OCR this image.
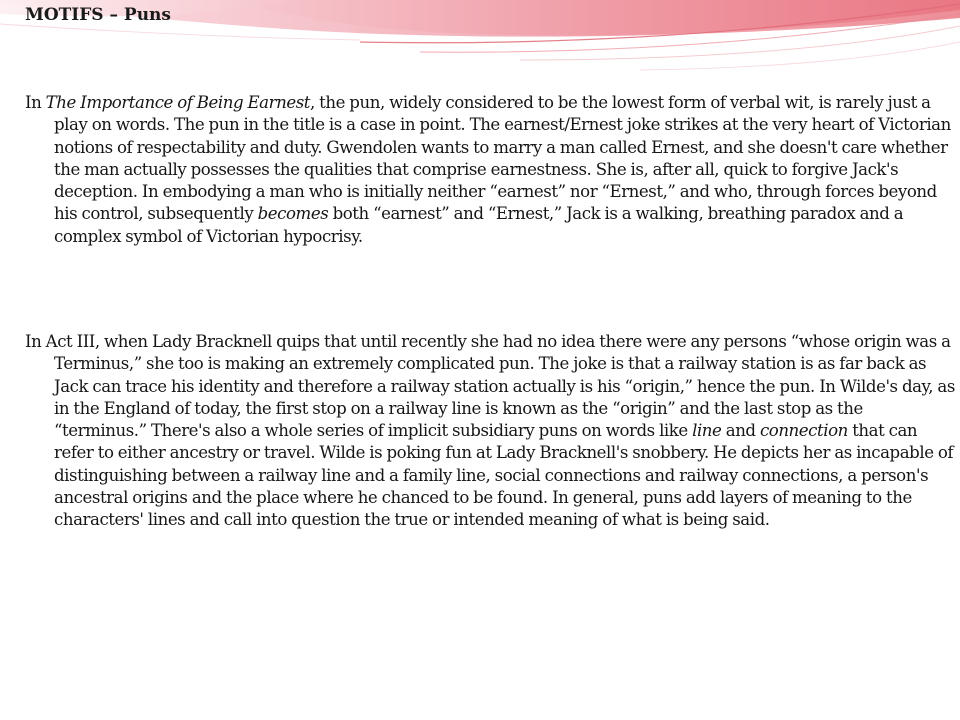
MOTIFS – Puns

In The Importance of Being Earnest, the pun, widely considered to be the lowest form of verbal wit, is rarely just a play on words. The pun in the title is a case in point. The earnest/Ernest joke strikes at the very heart of Victorian notions of respectability and duty. Gwendolen wants to marry a man called Ernest, and she doesn't care whether the man actually possesses the qualities that comprise earnestness. She is, after all, quick to forgive Jack's deception. In embodying a man who is initially neither “earnest” nor “Ernest,” and who, through forces beyond his control, subsequently becomes both “earnest” and “Ernest,” Jack is a walking, breathing paradox and a complex symbol of Victorian hypocrisy.

In Act III, when Lady Bracknell quips that until recently she had no idea there were any persons “whose origin was a Terminus,” she too is making an extremely complicated pun. The joke is that a railway station is as far back as Jack can trace his identity and therefore a railway station actually is his “origin,” hence the pun. In Wilde's day, as in the England of today, the first stop on a railway line is known as the “origin” and the last stop as the “terminus.” There's also a whole series of implicit subsidiary puns on words like line and connection that can refer to either ancestry or travel. Wilde is poking fun at Lady Bracknell's snobbery. He depicts her as incapable of distinguishing between a railway line and a family line, social connections and railway connections, a person's ancestral origins and the place where he chanced to be found. In general, puns add layers of meaning to the characters' lines and call into question the true or intended meaning of what is being said.
